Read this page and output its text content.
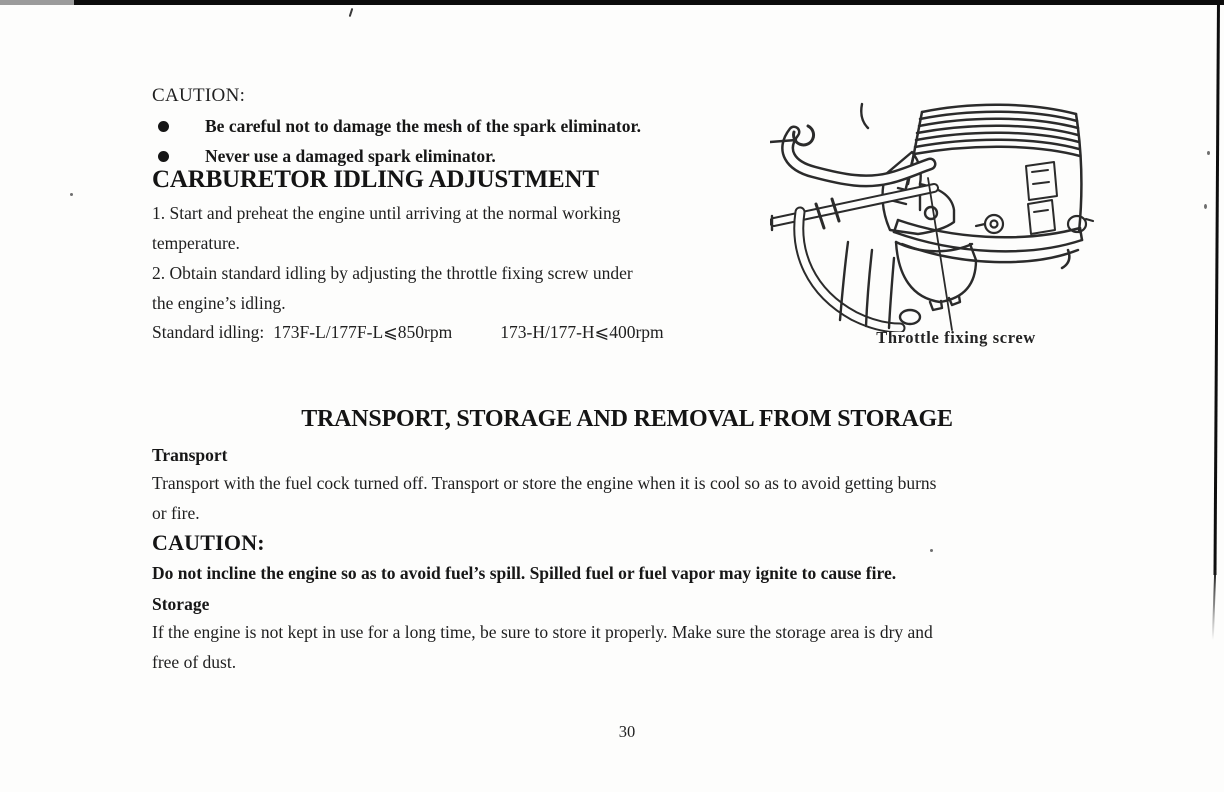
CAUTION:
Be careful not to damage the mesh of the spark eliminator.
Never use a damaged spark eliminator.
CARBURETOR IDLING ADJUSTMENT
1. Start and preheat the engine until arriving at the normal working
temperature.
2. Obtain standard idling by adjusting the throttle fixing screw under
the engine’s idling.
Standard idling: 173F-L/177F-L⩽850rpm	173-H/177-H⩽400rpm	Throttle fixing screw
TRANSPORT, STORAGE AND REMOVAL FROM STORAGE
Transport
Transport with the fuel cock turned off. Transport or store the engine when it is cool so as to avoid getting burns
or fire.
CAUTION:
Do not incline the engine so as to avoid fuel’s spill. Spilled fuel or fuel vapor may ignite to cause fire.
Storage
If the engine is not kept in use for a long time, be sure to store it properly. Make sure the storage area is dry and
free of dust.
30
